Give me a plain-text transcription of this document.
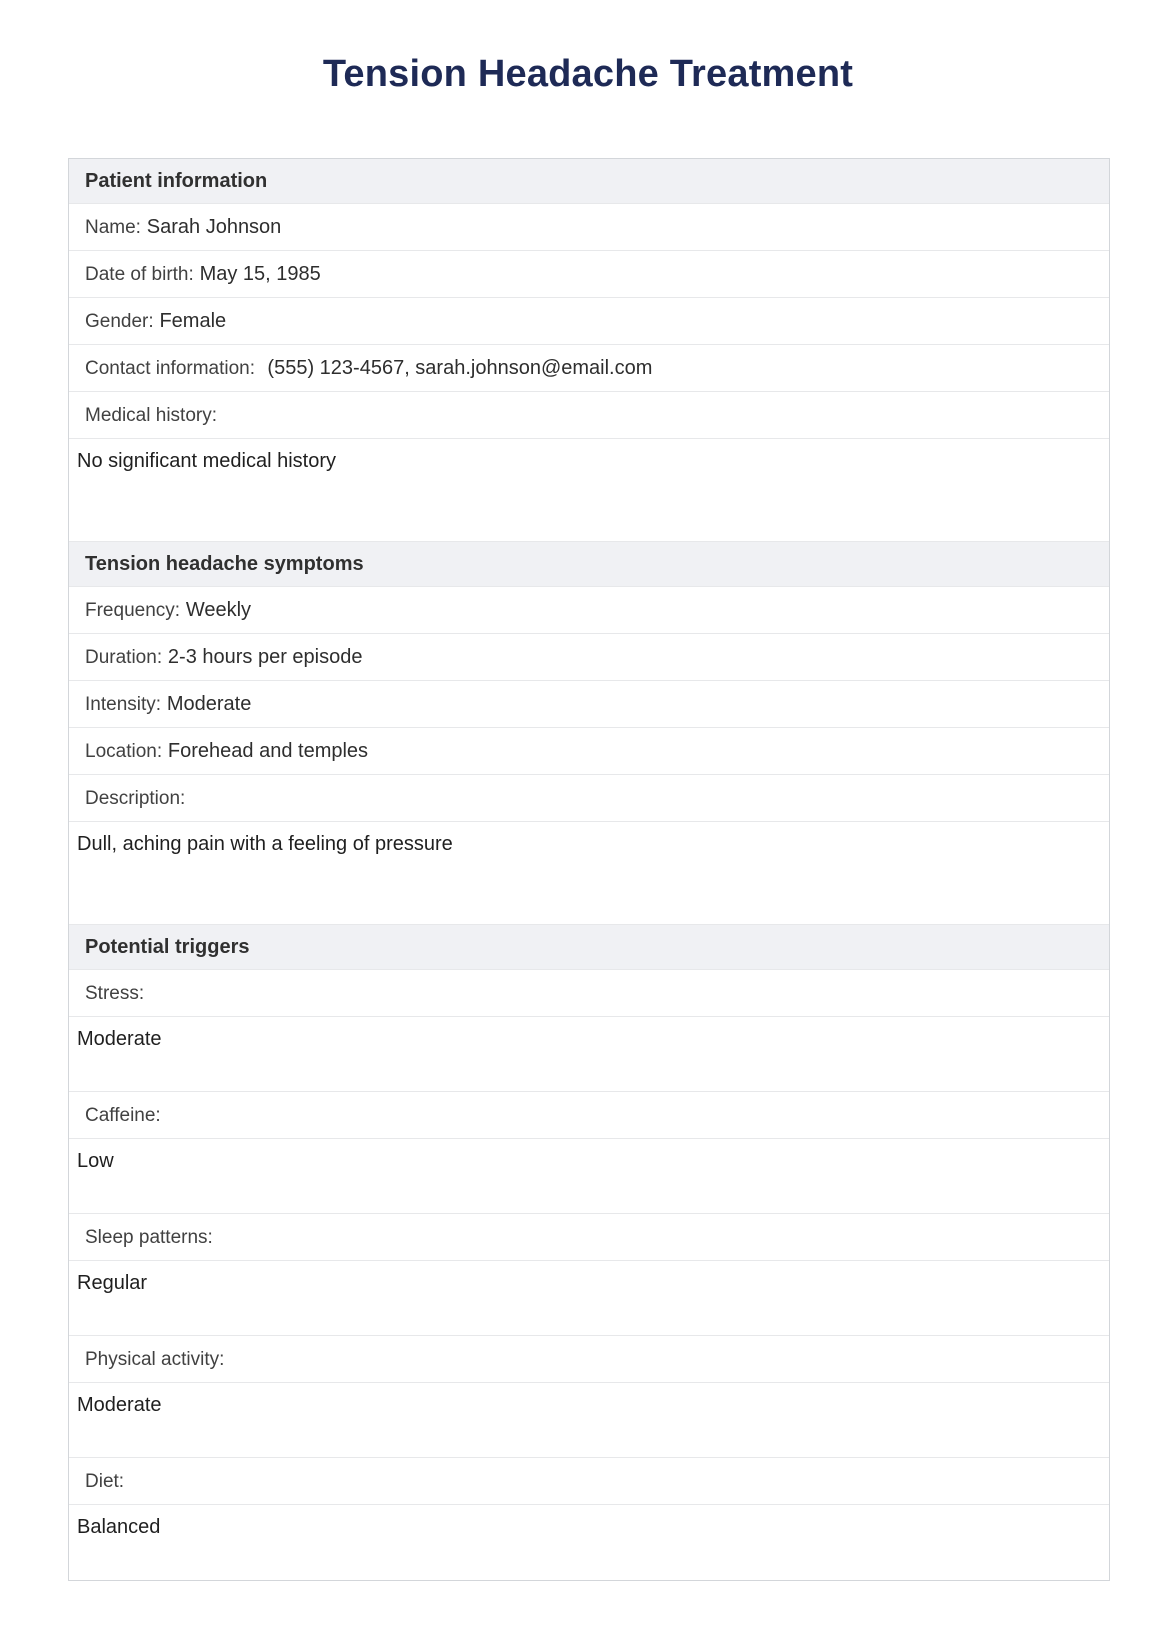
Tension Headache Treatment
Patient information
Name: Sarah Johnson
Date of birth: May 15, 1985
Gender: Female
Contact information: (555) 123-4567, sarah.johnson@email.com
Medical history:
No significant medical history
Tension headache symptoms
Frequency: Weekly
Duration: 2-3 hours per episode
Intensity: Moderate
Location: Forehead and temples
Description:
Dull, aching pain with a feeling of pressure
Potential triggers
Stress:
Moderate
Caffeine:
Low
Sleep patterns:
Regular
Physical activity:
Moderate
Diet:
Balanced
